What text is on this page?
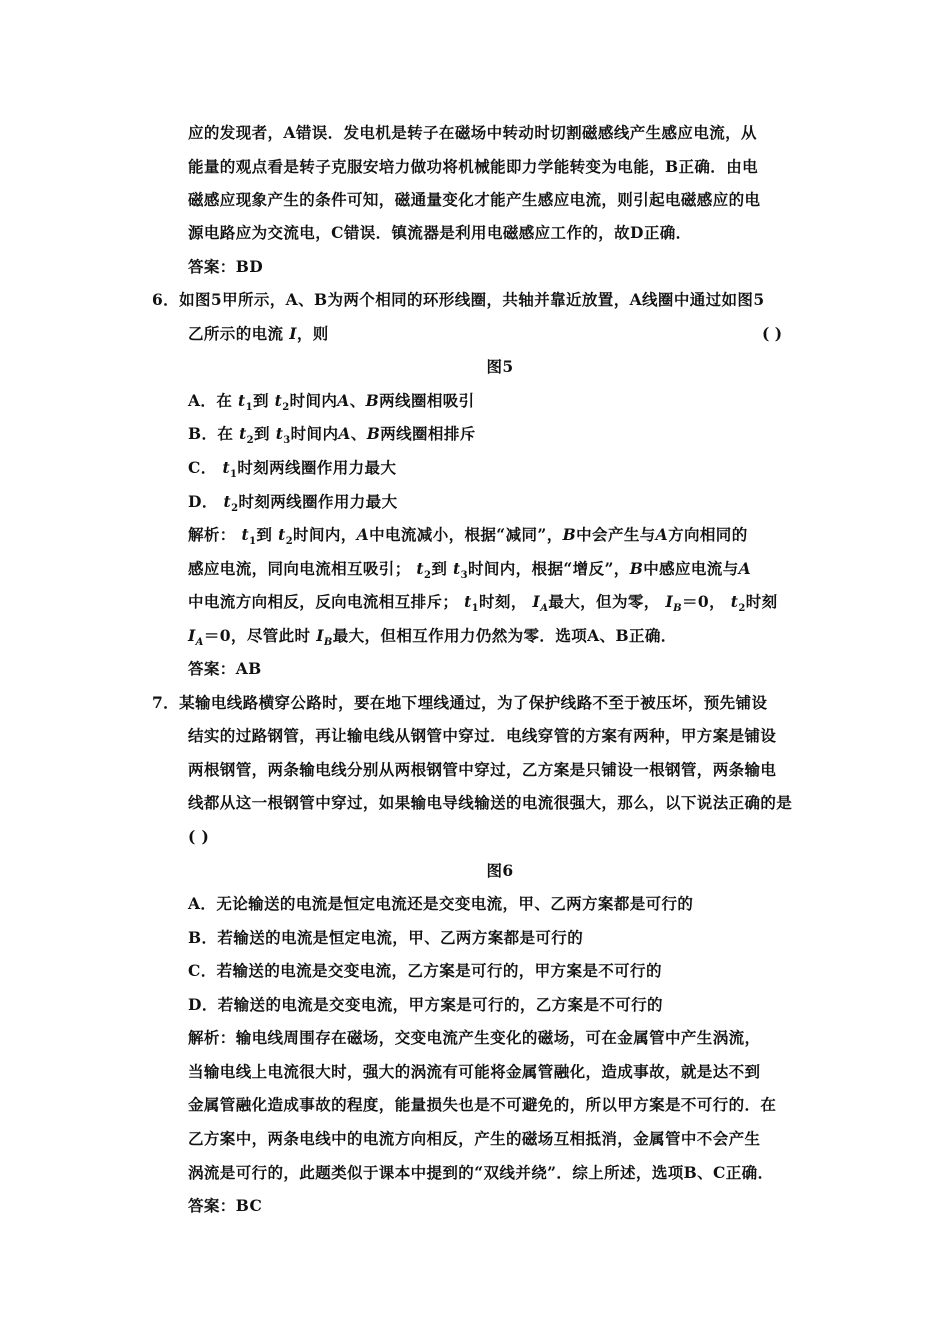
应的发现者，A错误．发电机是转子在磁场中转动时切割磁感线产生感应电流，从
能量的观点看是转子克服安培力做功将机械能即力学能转变为电能，B正确．由电
磁感应现象产生的条件可知，磁通量变化才能产生感应电流，则引起电磁感应的电
源电路应为交流电，C错误．镇流器是利用电磁感应工作的，故D正确．
答案：BD
6．如图5甲所示，A、B为两个相同的环形线圈，共轴并靠近放置，A线圈中通过如图5
乙所示的电流 I，则	( )
图5
A．在 $t_1$到 $t_2$时间内A、B两线圈相吸引
B．在 $t_2$到 $t_3$时间内A、B两线圈相排斥
C． $t_1$时刻两线圈作用力最大
D． $t_2$时刻两线圈作用力最大
解析： $t_1$到 $t_2$时间内，A中电流减小，根据“减同”，B中会产生与A方向相同的
感应电流，同向电流相互吸引； $t_2$到 $t_3$时间内，根据“增反”，B中感应电流与A
中电流方向相反，反向电流相互排斥； $t_1$时刻， $I_A$最大，但为零， $I_B=0$， $t_2$时刻
$I_A=0$，尽管此时 $I_B$最大，但相互作用力仍然为零．选项A、B正确．
答案：AB
7．某输电线路横穿公路时，要在地下埋线通过，为了保护线路不至于被压坏，预先铺设
结实的过路钢管，再让输电线从钢管中穿过．电线穿管的方案有两种，甲方案是铺设
两根钢管，两条输电线分别从两根钢管中穿过，乙方案是只铺设一根钢管，两条输电
线都从这一根钢管中穿过，如果输电导线输送的电流很强大，那么，以下说法正确的是
( )
图6
A．无论输送的电流是恒定电流还是交变电流，甲、乙两方案都是可行的
B．若输送的电流是恒定电流，甲、乙两方案都是可行的
C．若输送的电流是交变电流，乙方案是可行的，甲方案是不可行的
D．若输送的电流是交变电流，甲方案是可行的，乙方案是不可行的
解析：输电线周围存在磁场，交变电流产生变化的磁场，可在金属管中产生涡流，
当输电线上电流很大时，强大的涡流有可能将金属管融化，造成事故，就是达不到
金属管融化造成事故的程度，能量损失也是不可避免的，所以甲方案是不可行的．在
乙方案中，两条电线中的电流方向相反，产生的磁场互相抵消，金属管中不会产生
涡流是可行的，此题类似于课本中提到的“双线并绕”．综上所述，选项B、C正确．
答案：BC
